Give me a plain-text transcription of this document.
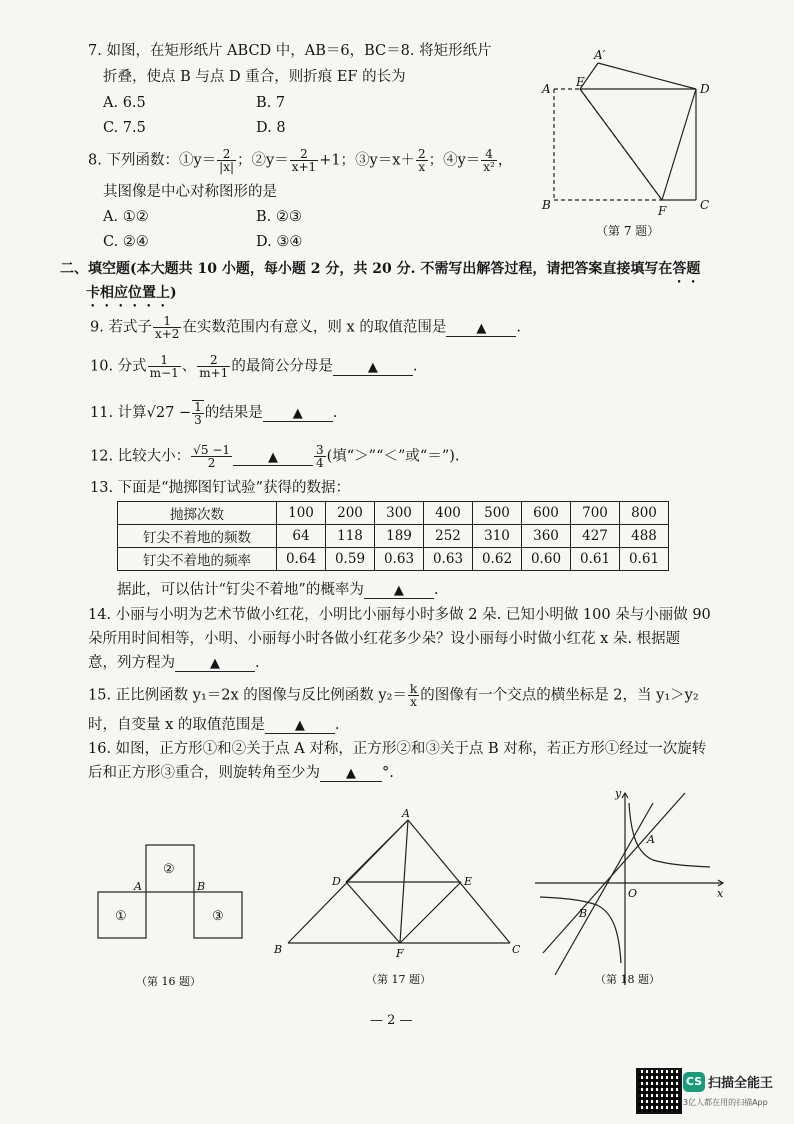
7. 如图，在矩形纸片 ABCD 中，AB＝6，BC＝8. 将矩形纸片
折叠，使点 B 与点 D 重合，则折痕 EF 的长为
A. 6.5	B. 7
C. 7.5	D. 8
A′
A E	D
B	F	C
（第 7 题）
8. 下列函数：①y＝ $\frac{2}{|x|}$ ；②y＝ $\frac{2}{x+1} +1$；③y＝x＋ $\frac{2}{x}$ ；④y＝ $\frac{4}{\text{x²}}$ ，
其图像是中心对称图形的是
A. ①②	B. ②③
C. ②④	D. ③④
二、填空题(本大题共 10 小题，每小题 2 分，共 20 分. 不需写出解答过程，请把答案直接填写在答题
卡相应位置上)
9. 若式子 $\frac{1}{x+2}$ 在实数范围内有意义，则 x 的取值范围是 ▲ .
10. 分式 $\frac{1}{m-1}$ 、 $\frac{2}{m+1}$ 的最简公分母是	▲ .
11. 计算$√27 - \frac{1}{3}$ 的结果是 ▲ .
12. 比较大小： $\frac{√5 -1}{2}$	▲	$\frac{3}{4}$ (填“＞”“＜”或“＝”).
13. 下面是“抛掷图钉试验”获得的数据：
抛掷次数	100	200	300	400	500	600	700	800
钉尖不着地的频数	64	118	189	252	310	360	427	488
钉尖不着地的频率	0.64	0.59	0.63	0.63	0.62	0.60	0.61	0.61
据此，可以估计“钉尖不着地”的概率为 ▲ .
14. 小丽与小明为艺术节做小红花，小明比小丽每小时多做 2 朵. 已知小明做 100 朵与小丽做 90
朵所用时间相等，小明、小丽每小时各做小红花多少朵？设小丽每小时做小红花 x 朵. 根据题
意，列方程为	▲ .
15. 正比例函数 y₁＝2x 的图像与反比例函数 $y_2= \frac{k}{x}$ 的图像有一个交点的横坐标是 2，当 y₁＞y₂
时，自变量 x 的取值范围是 ▲ .
16. 如图，正方形①和②关于点 A 对称，正方形②和③关于点 B 对称，若正方形①经过一次旋转
后和正方形③重合，则旋转角至少为 ▲ °.
①
②
③
A	B
（第 16 题）
A
B	C
D	E
F
（第 17 题）
y
x
A
B
O
（第 18 题）
— 2 —
CS 扫描全能王
3亿人都在用的扫描App
